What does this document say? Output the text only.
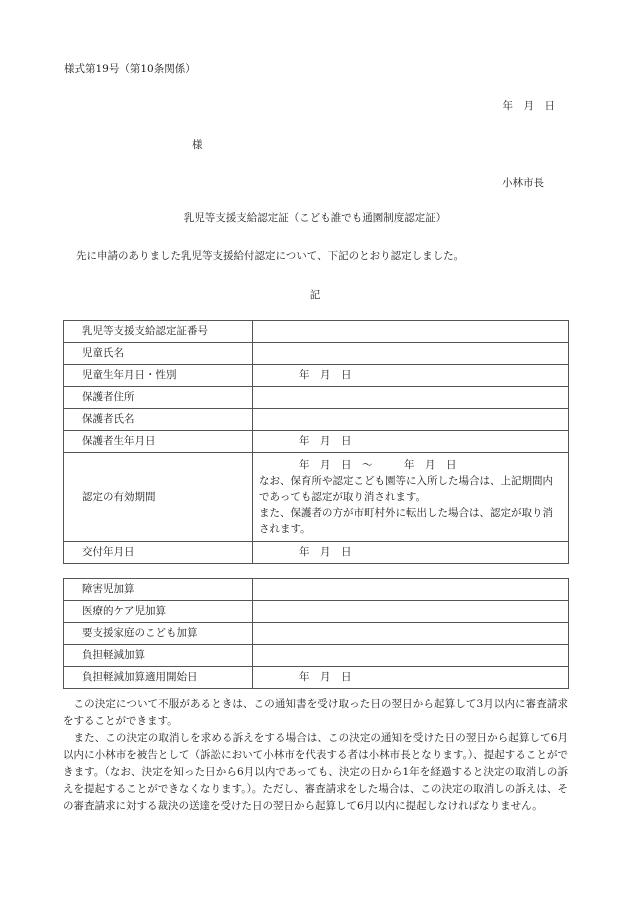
様式第19号（第10条関係）
年　月　日
様
小林市長
乳児等支援支給認定証（こども誰でも通園制度認定証）
先に申請のありました乳児等支援給付認定について、下記のとおり認定しました。
記
乳児等支援支給認定証番号	
児童氏名	
児童生年月日・性別	年　月　日
保護者住所	
保護者氏名	
保護者生年月日	年　月　日
認定の有効期間	年　月　日　～　　　年　月　日
なお、保育所や認定こども園等に入所した場合は、上記期間内であっても認定が取り消されます。
また、保護者の方が市町村外に転出した場合は、認定が取り消されます。

交付年月日	年　月　日
障害児加算	
医療的ケア児加算	
要支援家庭のこども加算	
負担軽減加算	
負担軽減加算適用開始日	年　月　日

この決定について不服があるときは、この通知書を受け取った日の翌日から起算して3月以内に審査請求をすることができます。

また、この決定の取消しを求める訴えをする場合は、この決定の通知を受けた日の翌日から起算して6月以内に小林市を被告として（訴訟において小林市を代表する者は小林市長となります。）、提起することができます。（なお、決定を知った日から6月以内であっても、決定の日から1年を経過すると決定の取消しの訴えを提起することができなくなります。）。ただし、審査請求をした場合は、この決定の取消しの訴えは、その審査請求に対する裁決の送達を受けた日の翌日から起算して6月以内に提起しなければなりません。
